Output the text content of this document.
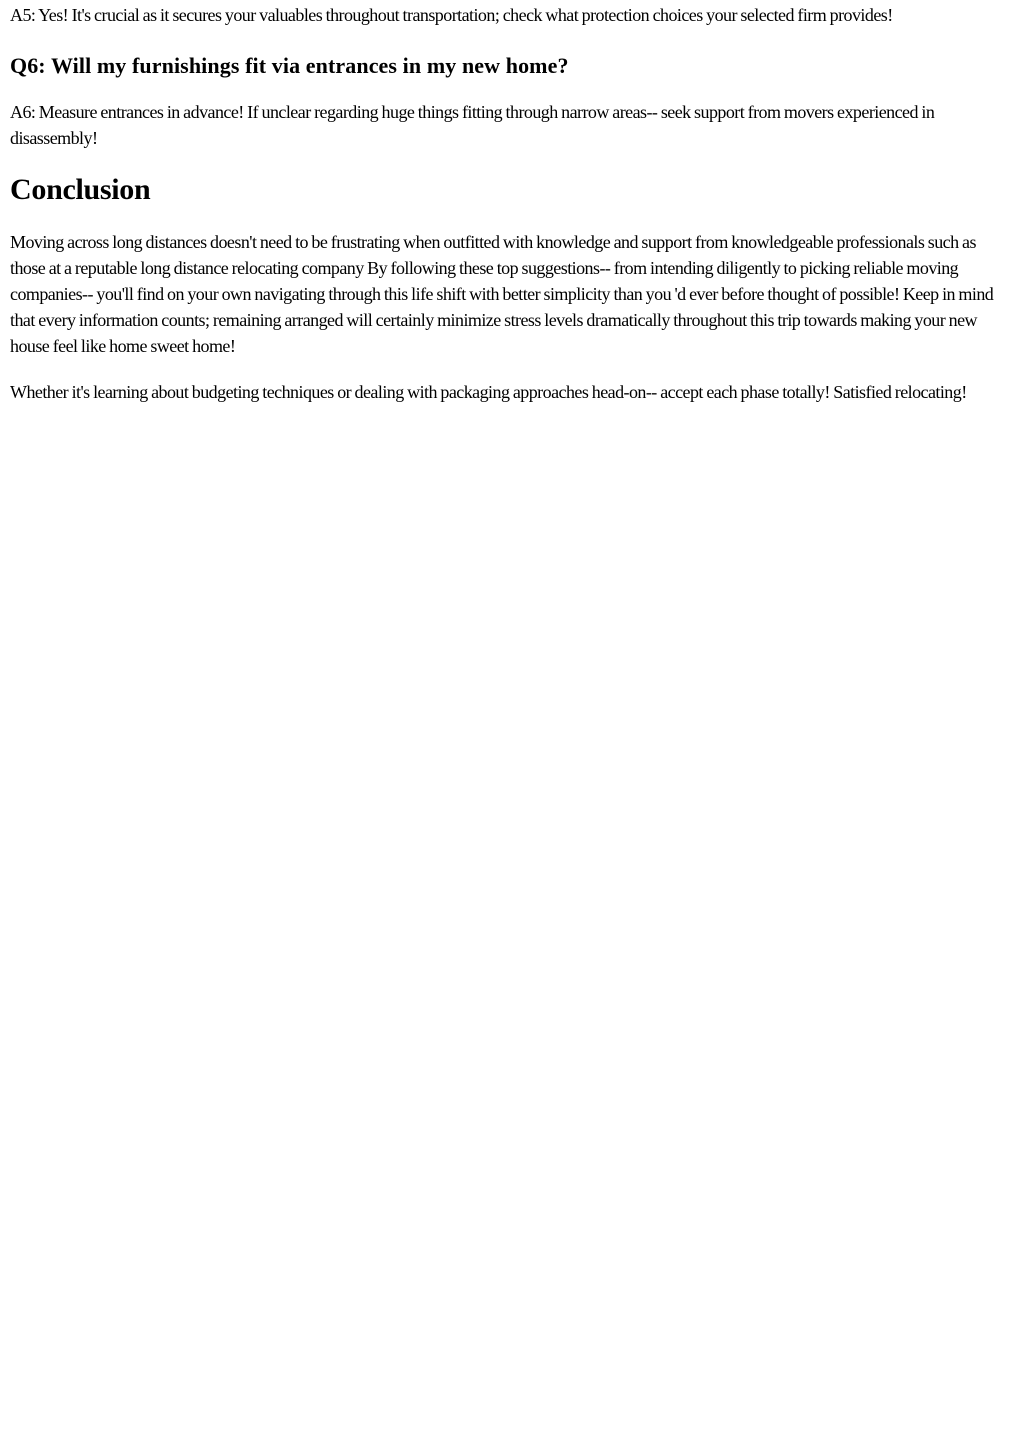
A5: Yes! It's crucial as it secures your valuables throughout transportation; check what protection choices your selected firm provides!

Q6: Will my furnishings fit via entrances in my new home?

A6: Measure entrances in advance! If unclear regarding huge things fitting through narrow areas-- seek support from movers experienced in disassembly!

Conclusion

Moving across long distances doesn't need to be frustrating when outfitted with knowledge and support from knowledgeable professionals such as those at a reputable long distance relocating company By following these top suggestions-- from intending diligently to picking reliable moving companies-- you'll find on your own navigating through this life shift with better simplicity than you 'd ever before thought of possible! Keep in mind that every information counts; remaining arranged will certainly minimize stress levels dramatically throughout this trip towards making your new house feel like home sweet home!

Whether it's learning about budgeting techniques or dealing with packaging approaches head-on-- accept each phase totally! Satisfied relocating!
